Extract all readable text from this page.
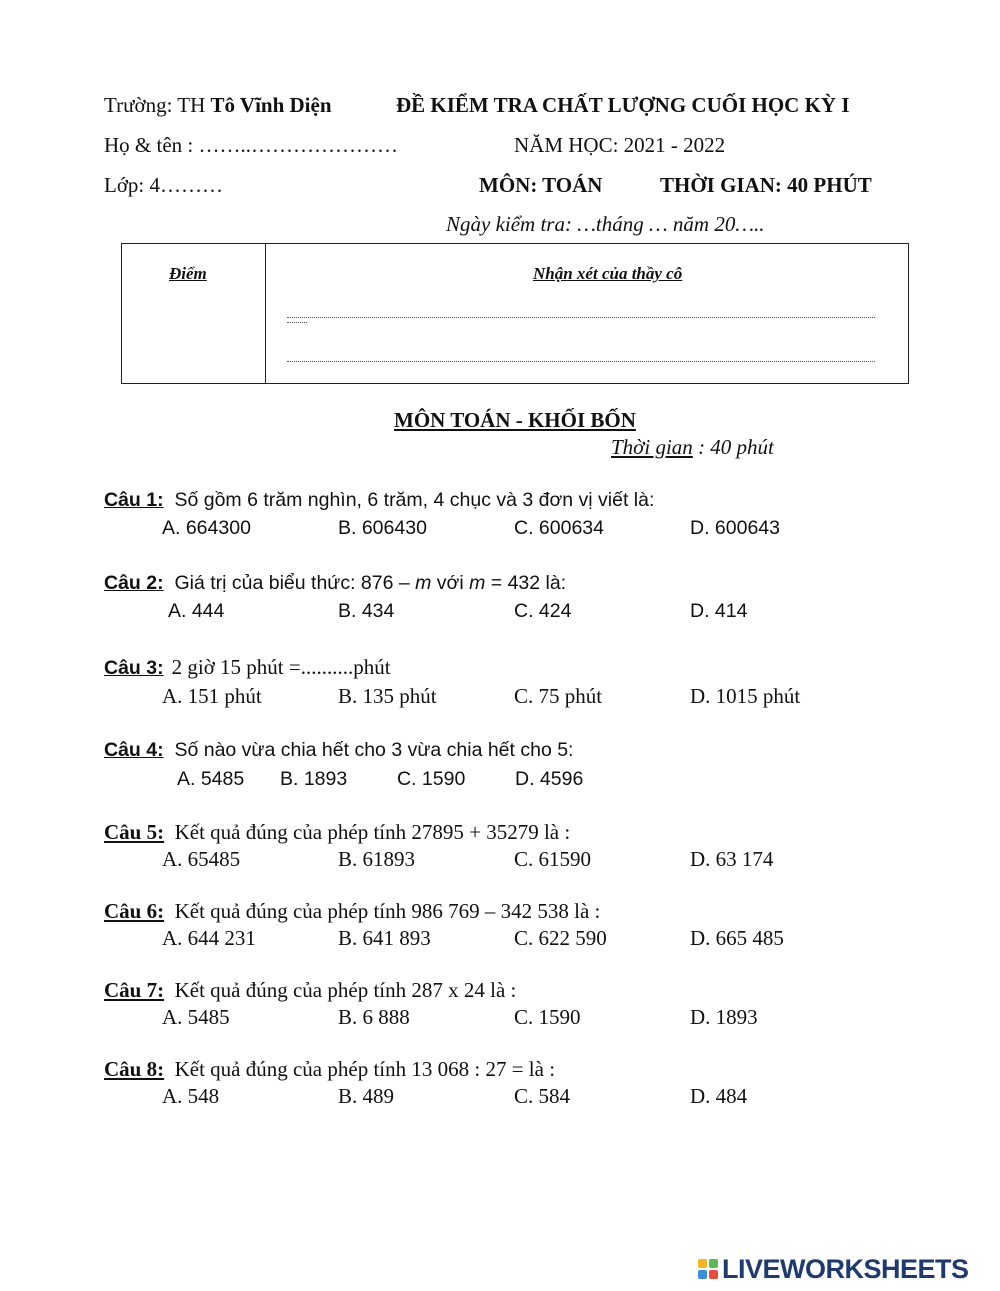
Trường: TH Tô Vĩnh Diện	ĐỀ KIỂM TRA CHẤT LƯỢNG CUỐI HỌC KỲ I
Họ & tên : ……..…………………	NĂM HỌC: 2021 - 2022
Lớp: 4………	MÔN: TOÁN	THỜI GIAN: 40 PHÚT
Ngày kiểm tra: …tháng … năm 20…..
Điểm	Nhận xét của thầy cô
MÔN TOÁN - KHỐI BỐN
Thời gian : 40 phút
Câu 1: Số gồm 6 trăm nghìn, 6 trăm, 4 chục và 3 đơn vị viết là:
A. 664300	B. 606430	C. 600634	D. 600643
Câu 2: Giá trị của biểu thức: 876 – m với m = 432 là:
A. 444	B. 434	C. 424	D. 414
Câu 3: 2 giờ 15 phút =..........phút
A. 151 phút	B. 135 phút	C. 75 phút	D. 1015 phút
Câu 4: Số nào vừa chia hết cho 3 vừa chia hết cho 5:
A. 5485 B. 1893	C. 1590	D. 4596
Câu 5: Kết quả đúng của phép tính 27895 + 35279 là :
A. 65485	B. 61893	C. 61590	D. 63 174
Câu 6: Kết quả đúng của phép tính 986 769 – 342 538 là :
A. 644 231	B. 641 893	C. 622 590	D. 665 485
Câu 7: Kết quả đúng của phép tính 287 x 24 là :
A. 5485	B. 6 888	C. 1590	D. 1893
Câu 8: Kết quả đúng của phép tính 13 068 : 27 = là :
A. 548	B. 489	C. 584	D. 484
LIVEWORKSHEETS
